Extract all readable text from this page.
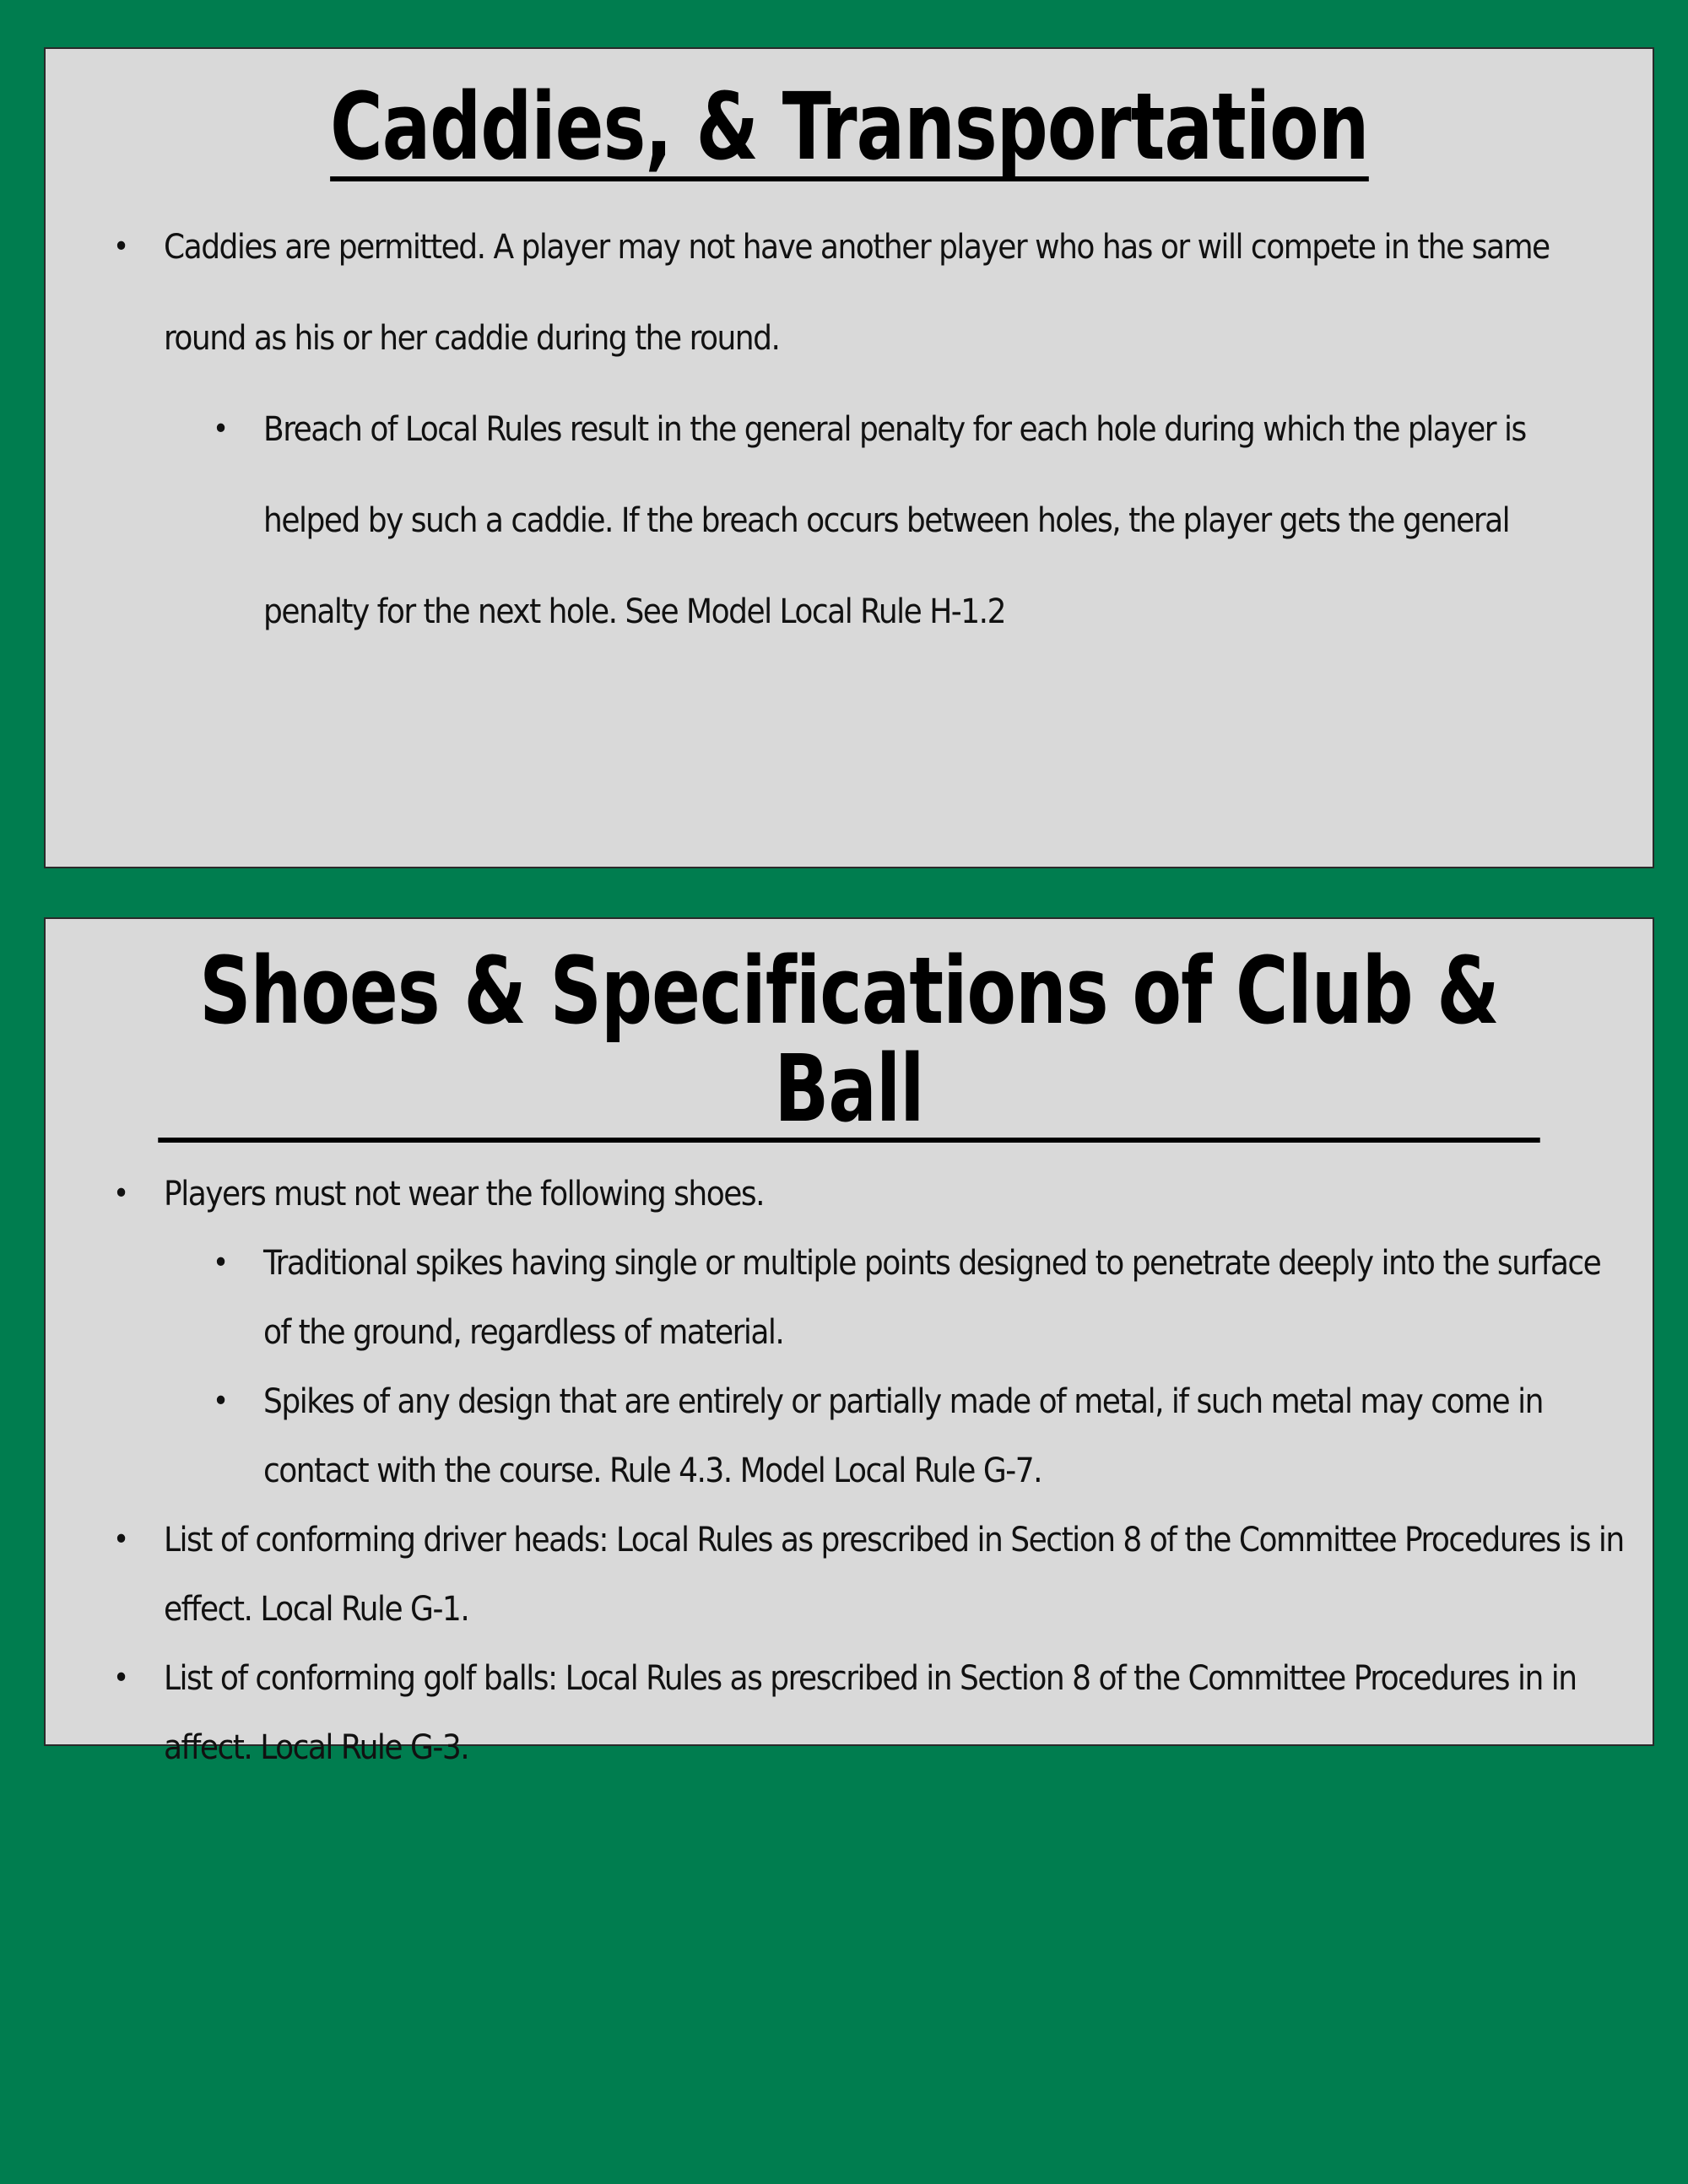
Caddies, & Transportation
• Caddies are permitted. A player may not have another player who has or will compete in the same round as his or her caddie during the round.
• Breach of Local Rules result in the general penalty for each hole during which the player is helped by such a caddie. If the breach occurs between holes, the player gets the general penalty for the next hole. See Model Local Rule H-1.2
Shoes & Specifications of Club & Ball
• Players must not wear the following shoes.
• Traditional spikes having single or multiple points designed to penetrate deeply into the surface of the ground, regardless of material.
• Spikes of any design that are entirely or partially made of metal, if such metal may come in contact with the course. Rule 4.3. Model Local Rule G-7.
• List of conforming driver heads: Local Rules as prescribed in Section 8 of the Committee Procedures is in effect. Local Rule G-1.
• List of conforming golf balls: Local Rules as prescribed in Section 8 of the Committee Procedures in in affect. Local Rule G-3.
